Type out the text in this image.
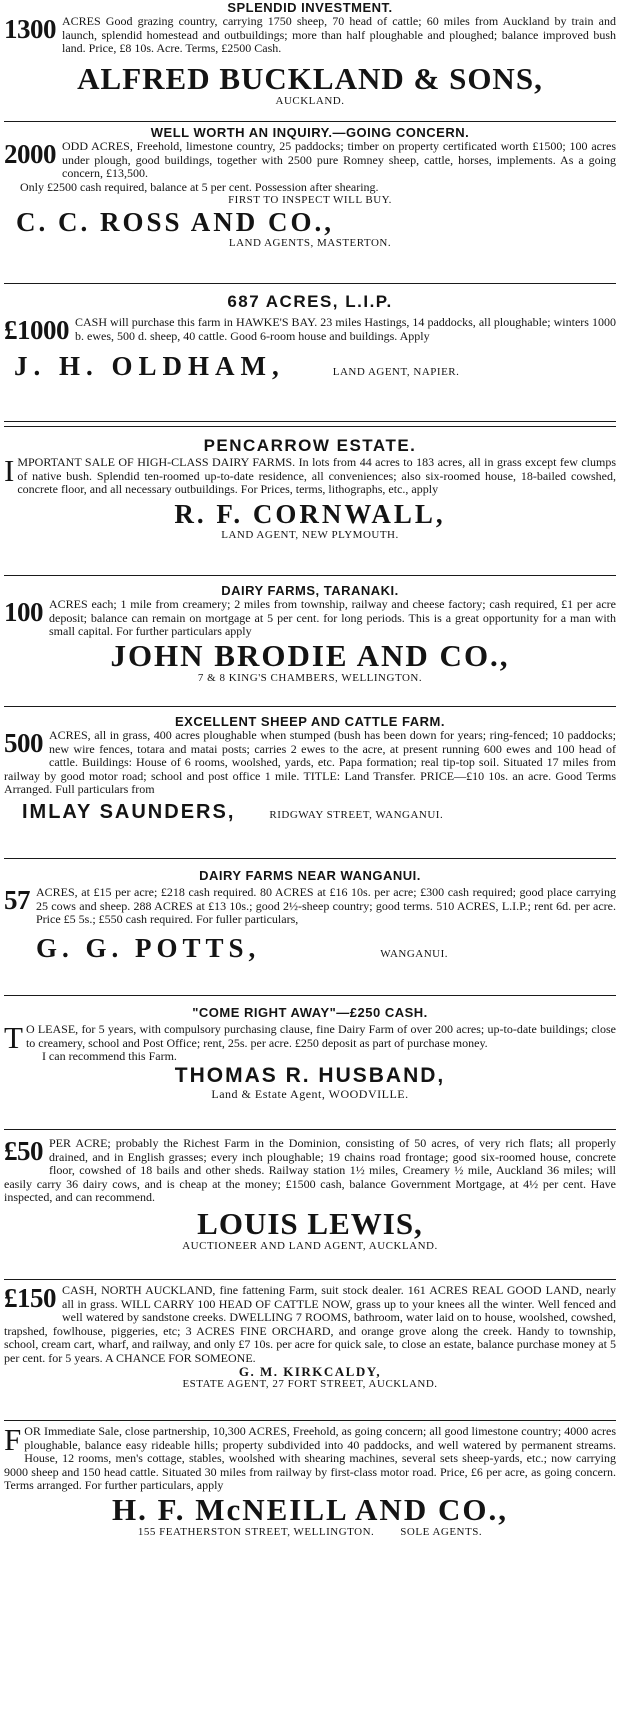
SPLENDID INVESTMENT.
1300 ACRES Good grazing country, carrying 1750 sheep, 70 head of cattle; 60 miles from Auckland by train and launch, splendid homestead and outbuildings; more than half ploughable and ploughed; balance improved bush land. Price, £8 10s. Acre. Terms, £2500 Cash.
ALFRED BUCKLAND & SONS,
AUCKLAND.
WELL WORTH AN INQUIRY.—GOING CONCERN.
2000 ODD ACRES, Freehold, limestone country, 25 paddocks; timber on property certificated worth £1500; 100 acres under plough, good buildings, together with 2500 pure Romney sheep, cattle, horses, implements. As a going concern, £13,500.
Only £2500 cash required, balance at 5 per cent. Possession after shearing.
FIRST TO INSPECT WILL BUY.
C. C. ROSS AND CO.,
LAND AGENTS, MASTERTON.
687 ACRES, L.I.P.
£1000 CASH will purchase this farm in HAWKE'S BAY. 23 miles Hastings, 14 paddocks, all ploughable; winters 1000 b. ewes, 500 d. sheep, 40 cattle. Good 6-room house and buildings. Apply
J. H. OLDHAM,	LAND AGENT, NAPIER.
PENCARROW ESTATE.
I MPORTANT SALE OF HIGH-CLASS DAIRY FARMS. In lots from 44 acres to 183 acres, all in grass except few clumps of native bush. Splendid ten-roomed up-to-date residence, all conveniences; also six-roomed house, 18-bailed cowshed, concrete floor, and all necessary outbuildings. For Prices, terms, lithographs, etc., apply
R. F. CORNWALL,
LAND AGENT, NEW PLYMOUTH.
DAIRY FARMS, TARANAKI.
100 ACRES each; 1 mile from creamery; 2 miles from township, railway and cheese factory; cash required, £1 per acre deposit; balance can remain on mortgage at 5 per cent. for long periods. This is a great opportunity for a man with small capital. For further particulars apply
JOHN BRODIE AND CO.,
7 & 8 KING'S CHAMBERS, WELLINGTON.
EXCELLENT SHEEP AND CATTLE FARM.
500 ACRES, all in grass, 400 acres ploughable when stumped (bush has been down for years; ring-fenced; 10 paddocks; new wire fences, totara and matai posts; carries 2 ewes to the acre, at present running 600 ewes and 100 head of cattle. Buildings: House of 6 rooms, woolshed, yards, etc. Papa formation; real tip-top soil. Situated 17 miles from railway by good motor road; school and post office 1 mile. TITLE: Land Transfer. PRICE—£10 10s. an acre. Good Terms Arranged. Full particulars from
IMLAY SAUNDERS,	RIDGWAY STREET, WANGANUI.
DAIRY FARMS NEAR WANGANUI.
57 ACRES, at £15 per acre; £218 cash required. 80 ACRES at £16 10s. per acre; £300 cash required; good place carrying 25 cows and sheep. 288 ACRES at £13 10s.; good 2½-sheep country; good terms. 510 ACRES, L.I.P.; rent 6d. per acre. Price £5 5s.; £550 cash required. For fuller particulars,
G. G. POTTS,	WANGANUI.
"COME RIGHT AWAY"—£250 CASH.
T O LEASE, for 5 years, with compulsory purchasing clause, fine Dairy Farm of over 200 acres; up-to-date buildings; close to creamery, school and Post Office; rent, 25s. per acre. £250 deposit as part of purchase money.
I can recommend this Farm.
THOMAS R. HUSBAND,
Land & Estate Agent, WOODVILLE.
£50 PER ACRE; probably the Richest Farm in the Dominion, consisting of 50 acres, of very rich flats; all properly drained, and in English grasses; every inch ploughable; 19 chains road frontage; good six-roomed house, concrete floor, cowshed of 18 bails and other sheds. Railway station 1½ miles, Creamery ½ mile, Auckland 36 miles; will easily carry 36 dairy cows, and is cheap at the money; £1500 cash, balance Government Mortgage, at 4½ per cent. Have inspected, and can recommend.
LOUIS LEWIS,
AUCTIONEER AND LAND AGENT, AUCKLAND.
£150 CASH, NORTH AUCKLAND, fine fattening Farm, suit stock dealer. 161 ACRES REAL GOOD LAND, nearly all in grass. WILL CARRY 100 HEAD OF CATTLE NOW, grass up to your knees all the winter. Well fenced and well watered by sandstone creeks. DWELLING 7 ROOMS, bathroom, water laid on to house, woolshed, cowshed, trapshed, fowlhouse, piggeries, etc; 3 ACRES FINE ORCHARD, and orange grove along the creek. Handy to township, school, cream cart, wharf, and railway, and only £7 10s. per acre for quick sale, to close an estate, balance purchase money at 5 per cent. for 5 years. A CHANCE FOR SOMEONE.
G. M. KIRKCALDY,
ESTATE AGENT, 27 FORT STREET, AUCKLAND.
F OR Immediate Sale, close partnership, 10,300 ACRES, Freehold, as going concern; all good limestone country; 4000 acres ploughable, balance easy rideable hills; property subdivided into 40 paddocks, and well watered by permanent streams. House, 12 rooms, men's cottage, stables, woolshed with shearing machines, several sets sheep-yards, etc.; now carrying 9000 sheep and 150 head cattle. Situated 30 miles from railway by first-class motor road. Price, £6 per acre, as going concern. Terms arranged. For further particulars, apply
H. F. McNEILL AND CO.,
155 FEATHERSTON STREET, WELLINGTON. SOLE AGENTS.
